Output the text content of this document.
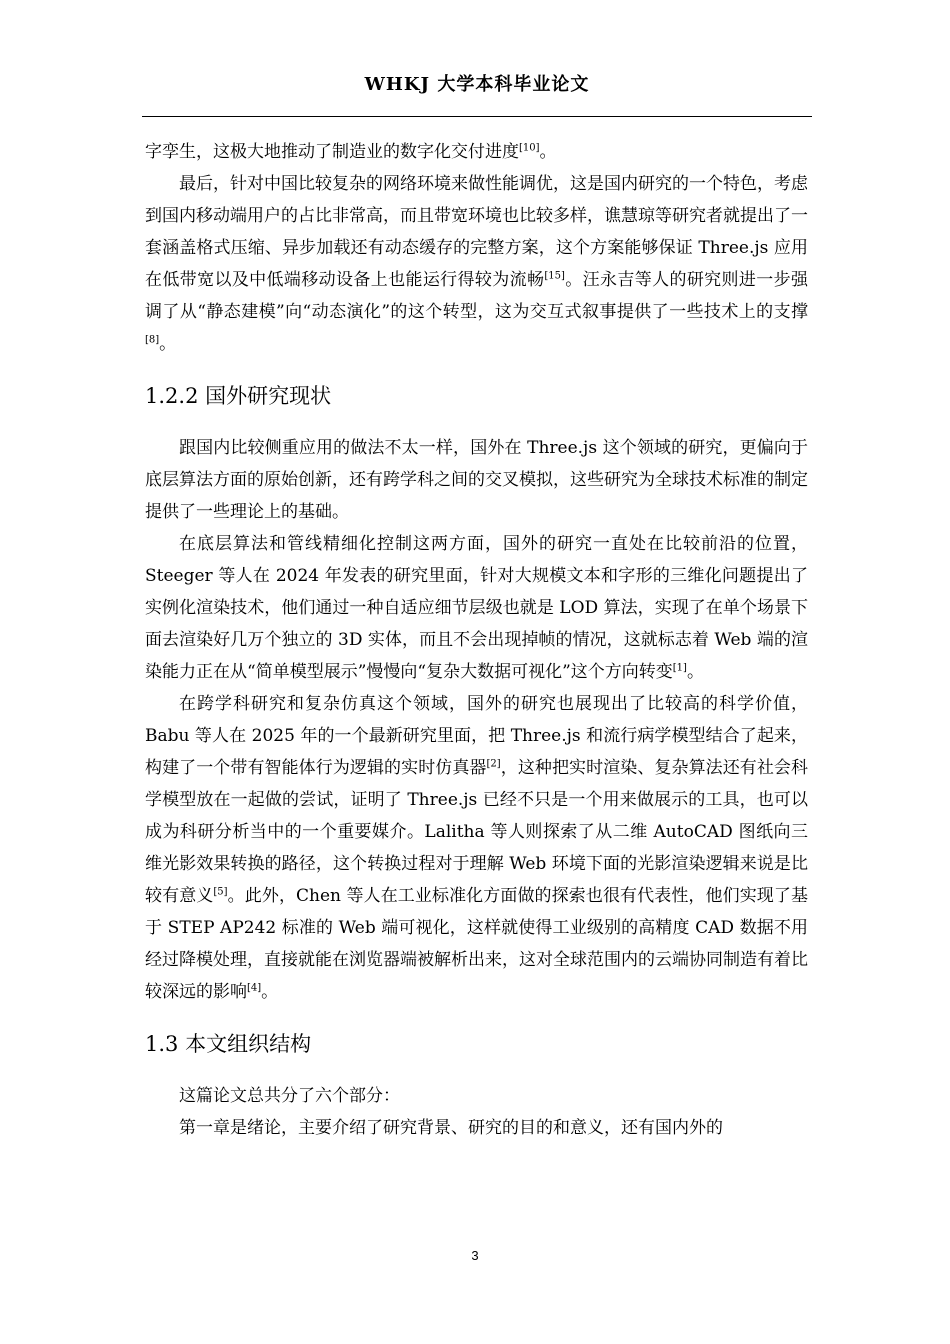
WHKJ 大学本科毕业论文

字孪生，这极大地推动了制造业的数字化交付进度[10]。

最后，针对中国比较复杂的网络环境来做性能调优，这是国内研究的一个特色，考虑到国内移动端用户的占比非常高，而且带宽环境也比较多样，谯慧琼等研究者就提出了一套涵盖格式压缩、异步加载还有动态缓存的完整方案，这个方案能够保证 Three.js 应用在低带宽以及中低端移动设备上也能运行得较为流畅[15]。汪永吉等人的研究则进一步强调了从“静态建模”向“动态演化”的这个转型，这为交互式叙事提供了一些技术上的支撑[8]。

1.2.2 国外研究现状

跟国内比较侧重应用的做法不太一样，国外在 Three.js 这个领域的研究，更偏向于底层算法方面的原始创新，还有跨学科之间的交叉模拟，这些研究为全球技术标准的制定提供了一些理论上的基础。

在底层算法和管线精细化控制这两方面，国外的研究一直处在比较前沿的位置，Steeger 等人在 2024 年发表的研究里面，针对大规模文本和字形的三维化问题提出了实例化渲染技术，他们通过一种自适应细节层级也就是 LOD 算法，实现了在单个场景下面去渲染好几万个独立的 3D 实体，而且不会出现掉帧的情况，这就标志着 Web 端的渲染能力正在从“简单模型展示”慢慢向“复杂大数据可视化”这个方向转变[1]。

在跨学科研究和复杂仿真这个领域，国外的研究也展现出了比较高的科学价值，Babu 等人在 2025 年的一个最新研究里面，把 Three.js 和流行病学模型结合了起来，构建了一个带有智能体行为逻辑的实时仿真器[2]，这种把实时渲染、复杂算法还有社会科学模型放在一起做的尝试，证明了 Three.js 已经不只是一个用来做展示的工具，也可以成为科研分析当中的一个重要媒介。Lalitha 等人则探索了从二维 AutoCAD 图纸向三维光影效果转换的路径，这个转换过程对于理解 Web 环境下面的光影渲染逻辑来说是比较有意义[5]。此外，Chen 等人在工业标准化方面做的探索也很有代表性，他们实现了基于 STEP AP242 标准的 Web 端可视化，这样就使得工业级别的高精度 CAD 数据不用经过降模处理，直接就能在浏览器端被解析出来，这对全球范围内的云端协同制造有着比较深远的影响[4]。

1.3 本文组织结构

这篇论文总共分了六个部分：

第一章是绪论，主要介绍了研究背景、研究的目的和意义，还有国内外的

3
